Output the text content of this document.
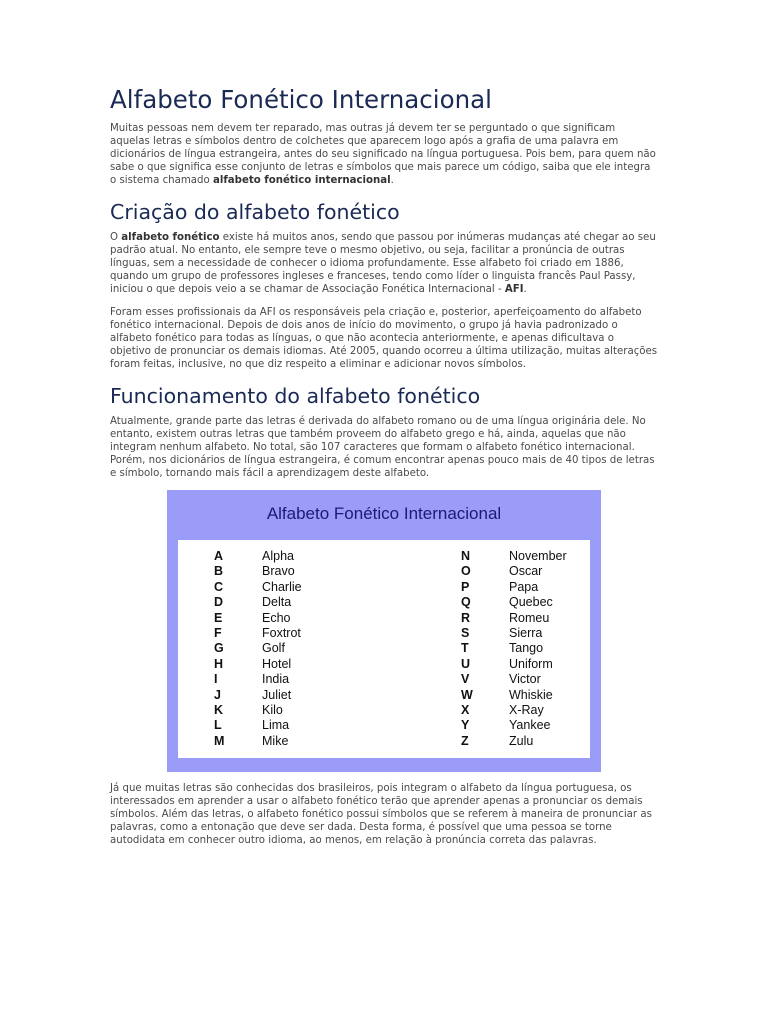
Alfabeto Fonético Internacional

Muitas pessoas nem devem ter reparado, mas outras já devem ter se perguntado o que significam aquelas letras e símbolos dentro de colchetes que aparecem logo após a grafia de uma palavra em dicionários de língua estrangeira, antes do seu significado na língua portuguesa. Pois bem, para quem não sabe o que significa esse conjunto de letras e símbolos que mais parece um código, saiba que ele integra o sistema chamado alfabeto fonético internacional.

Criação do alfabeto fonético

O alfabeto fonético existe há muitos anos, sendo que passou por inúmeras mudanças até chegar ao seu padrão atual. No entanto, ele sempre teve o mesmo objetivo, ou seja, facilitar a pronúncia de outras línguas, sem a necessidade de conhecer o idioma profundamente. Esse alfabeto foi criado em 1886, quando um grupo de professores ingleses e franceses, tendo como líder o linguista francês Paul Passy, iniciou o que depois veio a se chamar de Associação Fonética Internacional - AFI.

Foram esses profissionais da AFI os responsáveis pela criação e, posterior, aperfeiçoamento do alfabeto fonético internacional. Depois de dois anos de início do movimento, o grupo já havia padronizado o alfabeto fonético para todas as línguas, o que não acontecia anteriormente, e apenas dificultava o objetivo de pronunciar os demais idiomas. Até 2005, quando ocorreu a última utilização, muitas alterações foram feitas, inclusive, no que diz respeito a eliminar e adicionar novos símbolos.

Funcionamento do alfabeto fonético

Atualmente, grande parte das letras é derivada do alfabeto romano ou de uma língua originária dele. No entanto, existem outras letras que também proveem do alfabeto grego e há, ainda, aquelas que não integram nenhum alfabeto. No total, são 107 caracteres que formam o alfabeto fonético internacional. Porém, nos dicionários de língua estrangeira, é comum encontrar apenas pouco mais de 40 tipos de letras e símbolo, tornando mais fácil a aprendizagem deste alfabeto.

Alfabeto Fonético Internacional
A	Alpha
B	Bravo
C	Charlie
D	Delta
E	Echo
F	Foxtrot
G	Golf
H	Hotel
I	India
J	Juliet
K	Kilo
L	Lima
M	Mike
N	November
O	Oscar
P	Papa
Q	Quebec
R	Romeu
S	Sierra
T	Tango
U	Uniform
V	Victor
W	Whiskie
X	X-Ray
Y	Yankee
Z	Zulu

Já que muitas letras são conhecidas dos brasileiros, pois integram o alfabeto da língua portuguesa, os interessados em aprender a usar o alfabeto fonético terão que aprender apenas a pronunciar os demais símbolos. Além das letras, o alfabeto fonético possui símbolos que se referem à maneira de pronunciar as palavras, como a entonação que deve ser dada. Desta forma, é possível que uma pessoa se torne autodidata em conhecer outro idioma, ao menos, em relação à pronúncia correta das palavras.
